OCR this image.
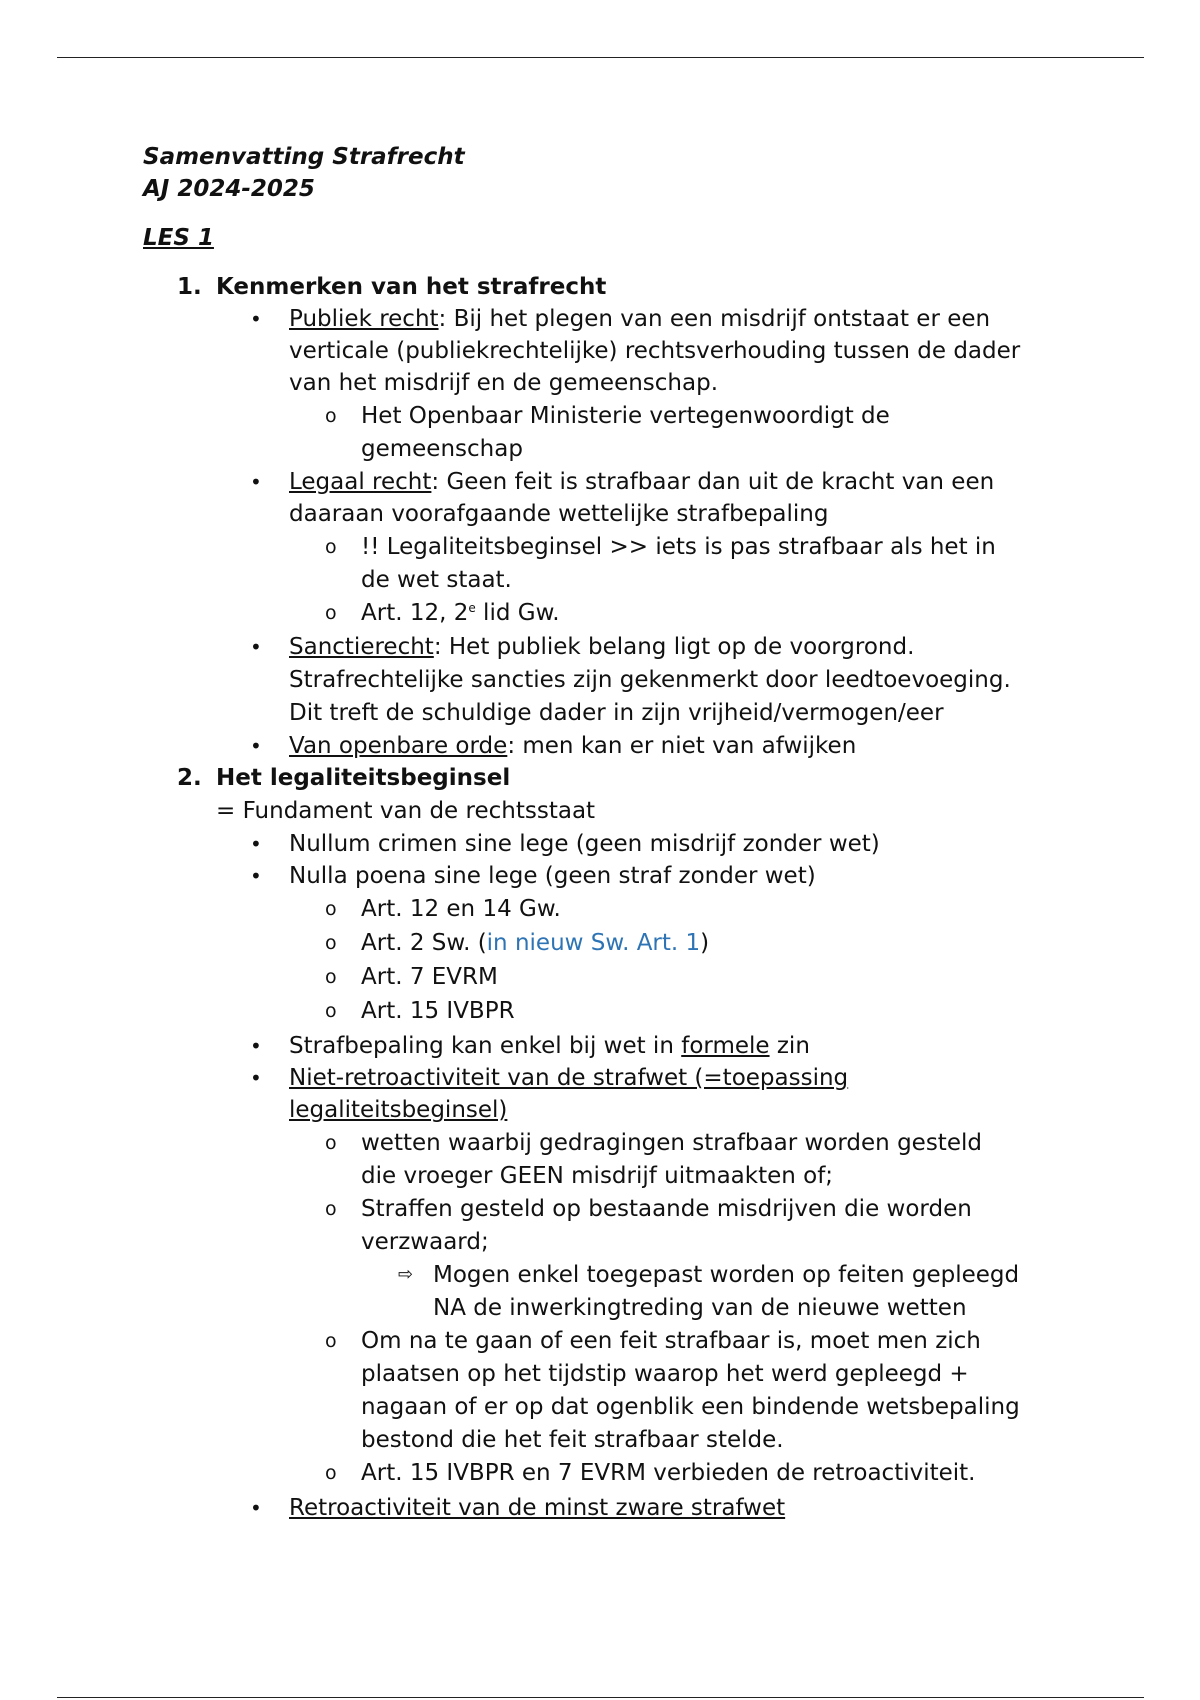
Samenvatting Strafrecht
AJ 2024-2025
LES 1
1. Kenmerken van het strafrecht
• Publiek recht: Bij het plegen van een misdrijf ontstaat er een
verticale (publiekrechtelijke) rechtsverhouding tussen de dader
van het misdrijf en de gemeenschap.
o Het Openbaar Ministerie vertegenwoordigt de
gemeenschap
• Legaal recht: Geen feit is strafbaar dan uit de kracht van een
daaraan voorafgaande wettelijke strafbepaling
o !! Legaliteitsbeginsel >> iets is pas strafbaar als het in
de wet staat.
o Art. 12, 2e lid Gw.
• Sanctierecht: Het publiek belang ligt op de voorgrond.
Strafrechtelijke sancties zijn gekenmerkt door leedtoevoeging.
Dit treft de schuldige dader in zijn vrijheid/vermogen/eer
• Van openbare orde: men kan er niet van afwijken
2. Het legaliteitsbeginsel
= Fundament van de rechtsstaat
• Nullum crimen sine lege (geen misdrijf zonder wet)
• Nulla poena sine lege (geen straf zonder wet)
o Art. 12 en 14 Gw.
o Art. 2 Sw. (in nieuw Sw. Art. 1)
o Art. 7 EVRM
o Art. 15 IVBPR
• Strafbepaling kan enkel bij wet in formele zin
• Niet-retroactiviteit van de strafwet (=toepassing
legaliteitsbeginsel)
o wetten waarbij gedragingen strafbaar worden gesteld
die vroeger GEEN misdrijf uitmaakten of;
o Straffen gesteld op bestaande misdrijven die worden
verzwaard;
⇨ Mogen enkel toegepast worden op feiten gepleegd
NA de inwerkingtreding van de nieuwe wetten
o Om na te gaan of een feit strafbaar is, moet men zich
plaatsen op het tijdstip waarop het werd gepleegd +
nagaan of er op dat ogenblik een bindende wetsbepaling
bestond die het feit strafbaar stelde.
o Art. 15 IVBPR en 7 EVRM verbieden de retroactiviteit.
• Retroactiviteit van de minst zware strafwet
